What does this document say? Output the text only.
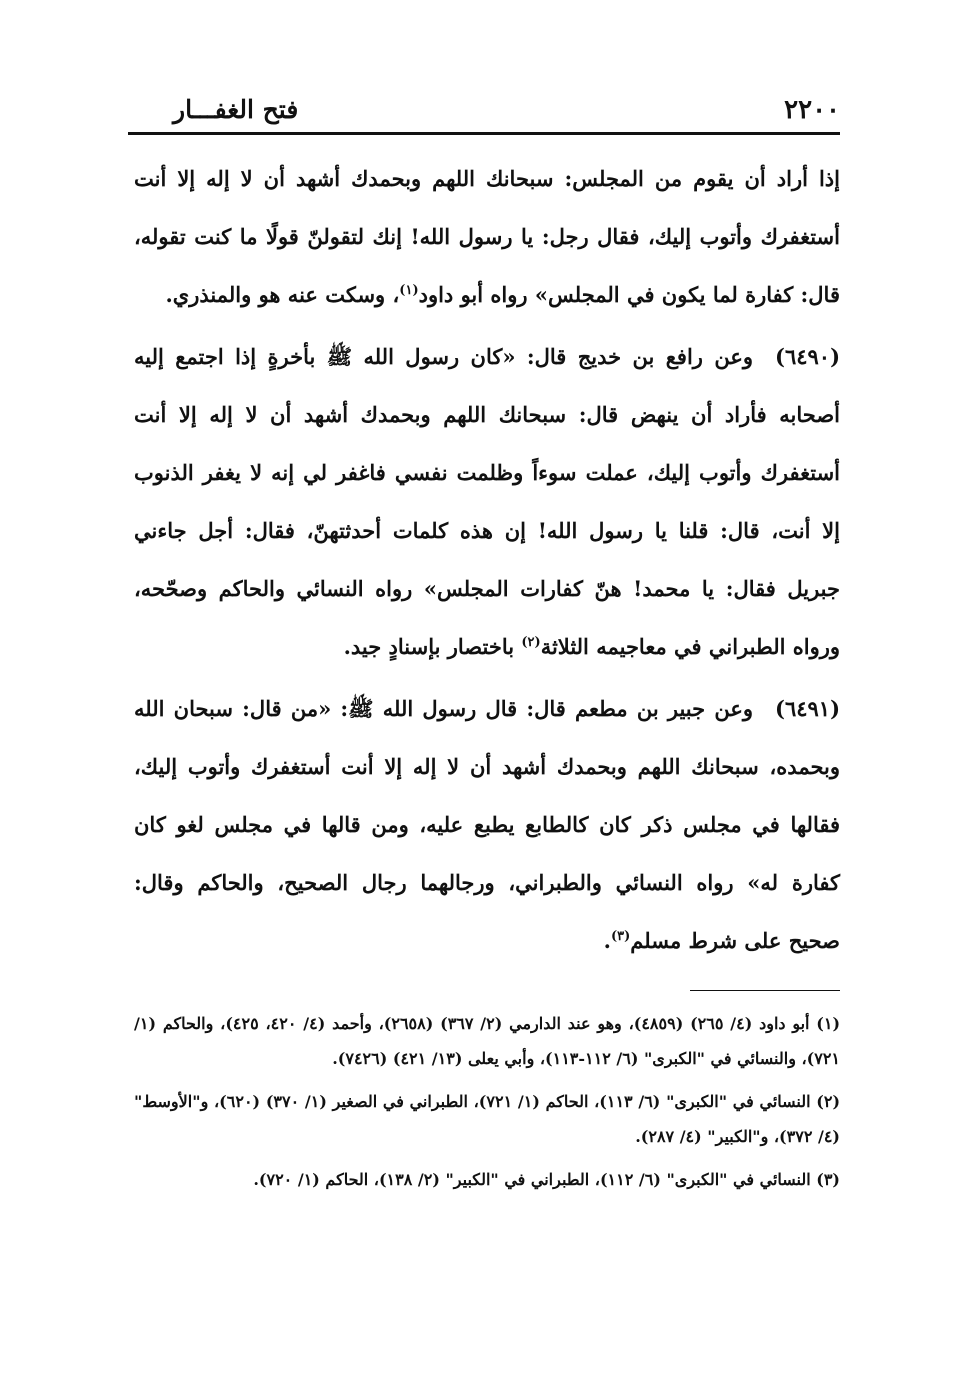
٢٢٠٠
فتح الغفـــار

إذا أراد أن يقوم من المجلس: سبحانك اللهم وبحمدك أشهد أن لا إله إلا أنت أستغفرك وأتوب إليك، فقال رجل: يا رسول الله! إنك لتقولنّ قولًا ما كنت تقوله، قال: كفارة لما يكون في المجلس» رواه أبو داود$^{(١)}$، وسكت عنه هو والمنذري.

(٦٤٩٠)وعن رافع بن خديج قال: «كان رسول الله ﷺ بأخرةٍ إذا اجتمع إليه أصحابه فأراد أن ينهض قال: سبحانك اللهم وبحمدك أشهد أن لا إله إلا أنت أستغفرك وأتوب إليك، عملت سوءاً وظلمت نفسي فاغفر لي إنه لا يغفر الذنوب إلا أنت، قال: قلنا يا رسول الله! إن هذه كلمات أحدثتهنّ، فقال: أجل جاءني جبريل فقال: يا محمد! هنّ كفارات المجلس» رواه النسائي والحاكم وصحّحه، ورواه الطبراني في معاجيمه الثلاثة$^{(٢)}$ باختصار بإسنادٍ جيد.

(٦٤٩١)وعن جبير بن مطعم قال: قال رسول الله ﷺ: «من قال: سبحان الله وبحمده، سبحانك اللهم وبحمدك أشهد أن لا إله إلا أنت أستغفرك وأتوب إليك، فقالها في مجلس ذكر كان كالطابع يطبع عليه، ومن قالها في مجلس لغو كان كفارة له» رواه النسائي والطبراني، ورجالهما رجال الصحيح، والحاكم وقال: صحيح على شرط مسلم$^{(٣)}$.

(١) أبو داود (٤/ ٢٦٥) (٤٨٥٩)، وهو عند الدارمي (٢/ ٣٦٧) (٢٦٥٨)، وأحمد (٤/ ٤٢٠، ٤٢٥)، والحاكم (١/ ٧٢١)، والنسائي في "الكبرى" (٦/ ١١٢-١١٣)، وأبي يعلى (١٣/ ٤٢١) (٧٤٢٦).

(٢) النسائي في "الكبرى" (٦/ ١١٣)، الحاكم (١/ ٧٢١)، الطبراني في الصغير (١/ ٣٧٠) (٦٢٠)، و"الأوسط" (٤/ ٣٧٢)، و"الكبير" (٤/ ٢٨٧).

(٣) النسائي في "الكبرى" (٦/ ١١٢)، الطبراني في "الكبير" (٢/ ١٣٨)، الحاكم (١/ ٧٢٠).
